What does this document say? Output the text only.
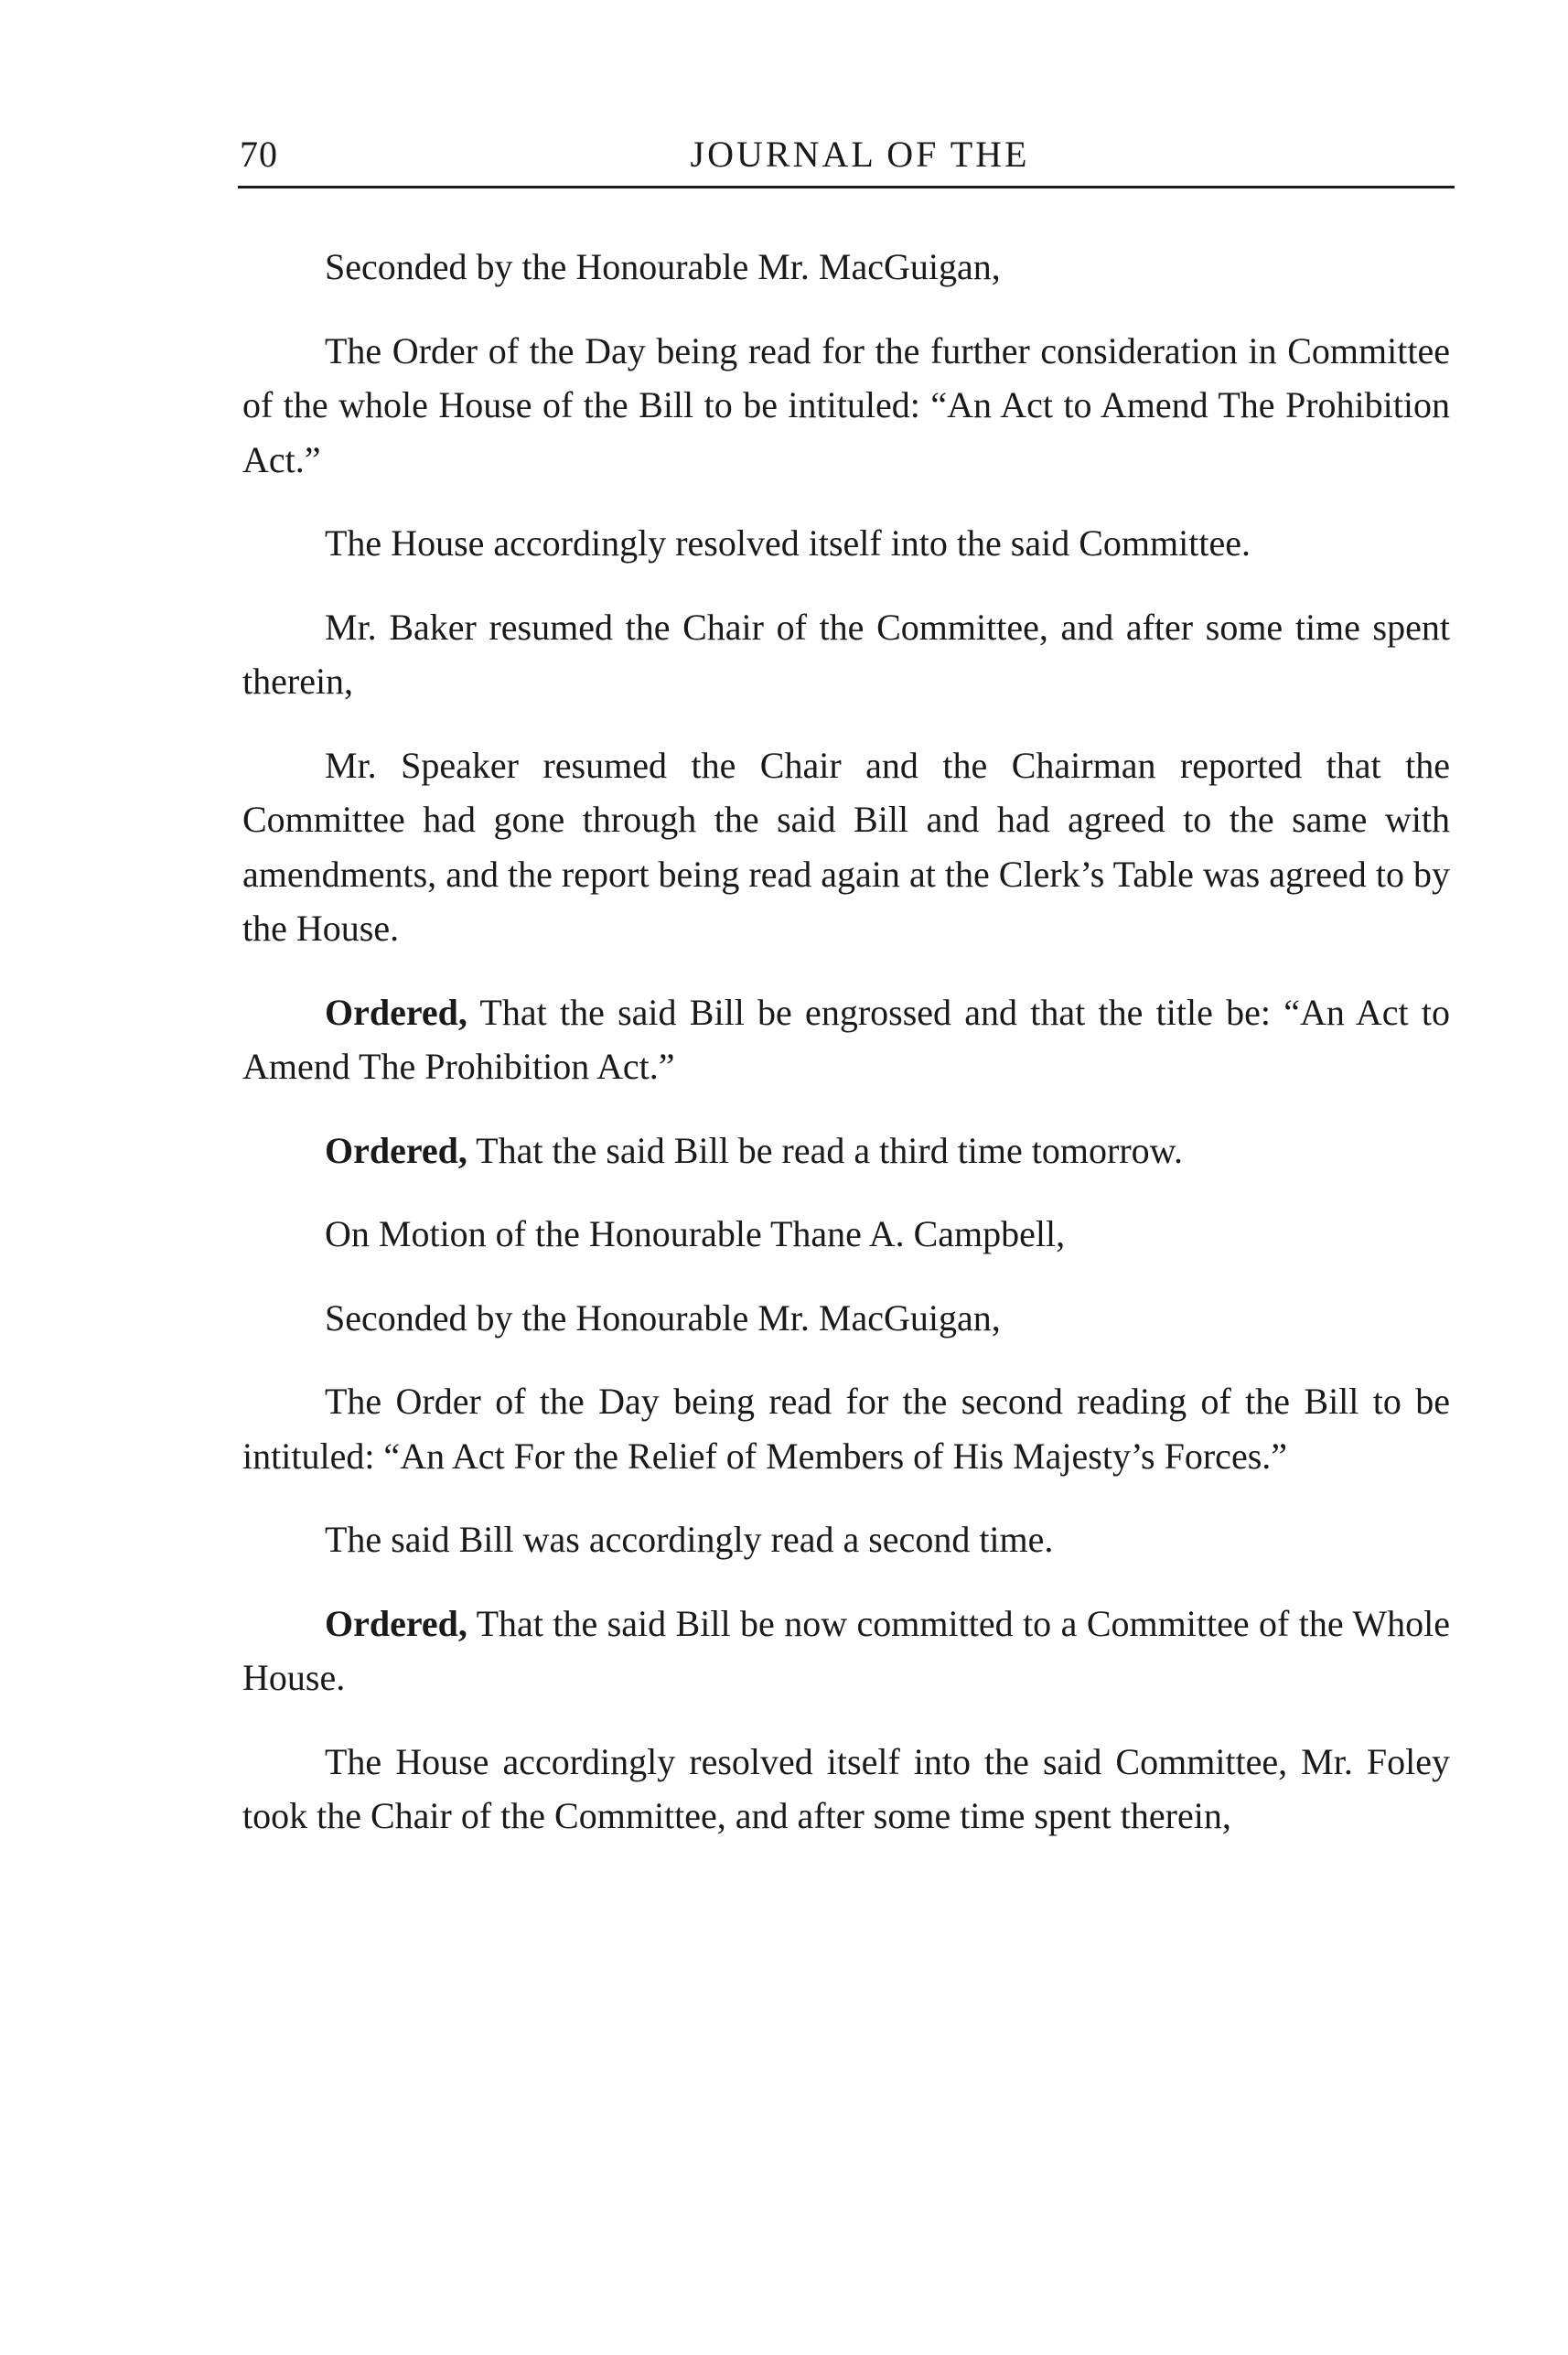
70	JOURNAL OF THE

Seconded by the Honourable Mr. MacGuigan,

The Order of the Day being read for the further consideration in Committee of the whole House of the Bill to be intituled: “An Act to Amend The Prohibition Act.”

The House accordingly resolved itself into the said Committee.

Mr. Baker resumed the Chair of the Committee, and after some time spent therein,

Mr. Speaker resumed the Chair and the Chairman reported that the Committee had gone through the said Bill and had agreed to the same with amendments, and the report being read again at the Clerk’s Table was agreed to by the House.

Ordered, That the said Bill be engrossed and that the title be: “An Act to Amend The Prohibition Act.”

Ordered, That the said Bill be read a third time tomorrow.

On Motion of the Honourable Thane A. Campbell,

Seconded by the Honourable Mr. MacGuigan,

The Order of the Day being read for the second reading of the Bill to be intituled: “An Act For the Relief of Members of His Majesty’s Forces.”

The said Bill was accordingly read a second time.

Ordered, That the said Bill be now committed to a Committee of the Whole House.

The House accordingly resolved itself into the said Committee, Mr. Foley took the Chair of the Committee, and after some time spent therein,
